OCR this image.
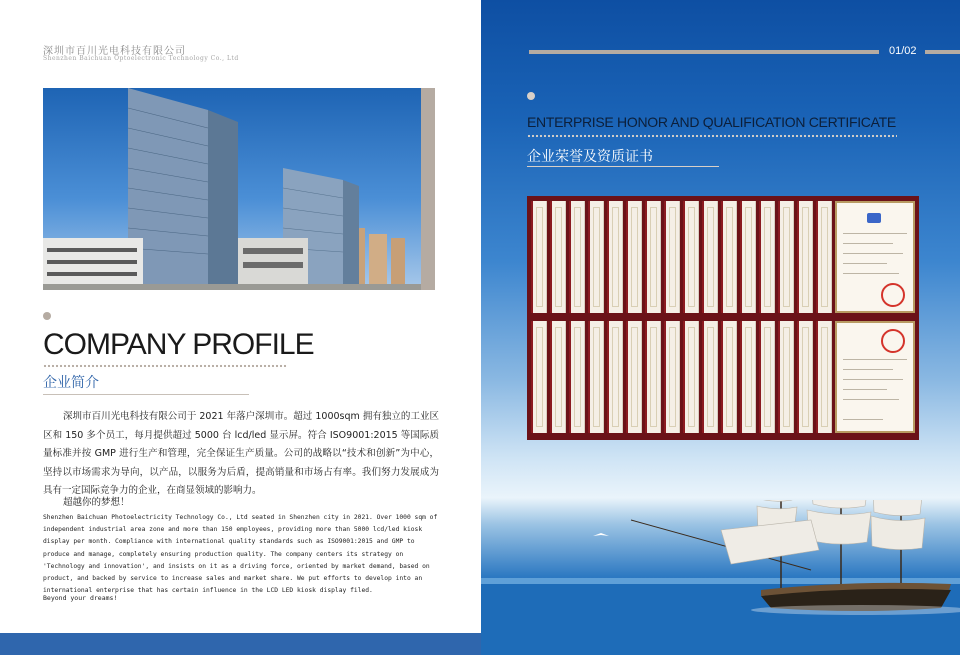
深圳市百川光电科技有限公司
Shenzhen Baichuan Optoelectronic Technology Co., Ltd
COMPANY PROFILE
企业简介
深圳市百川光电科技有限公司于 2021 年落户深圳市。超过 1000sqm 拥有独立的工业区区和 150 多个员工，每月提供超过 5000 台 lcd/led 显示屏。符合 ISO9001:2015 等国际质量标准并按 GMP 进行生产和管理，完全保证生产质量。公司的战略以“技术和创新”为中心，坚持以市场需求为导向，以产品，以服务为后盾，提高销量和市场占有率。我们努力发展成为具有一定国际竞争力的企业，在商显领域的影响力。
超越你的梦想！
Shenzhen Baichuan Photoelectricity Technology Co., Ltd seated in Shenzhen city in 2021. Over 1000 sqm of independent industrial area zone and more than 150 employees, providing more than 5000 lcd/led kiosk display per month. Compliance with international quality standards such as ISO9001:2015 and GMP to produce and manage, completely ensuring production quality. The company centers its strategy on 'Technology and innovation', and insists on it as a driving force, oriented by market demand, based on product, and backed by service to increase sales and market share. We put efforts to develop into an international enterprise that has certain influence in the LCD LED kiosk display filed.
Beyond your dreams!
01/02
ENTERPRISE HONOR AND QUALIFICATION CERTIFICATE
企业荣誉及资质证书
